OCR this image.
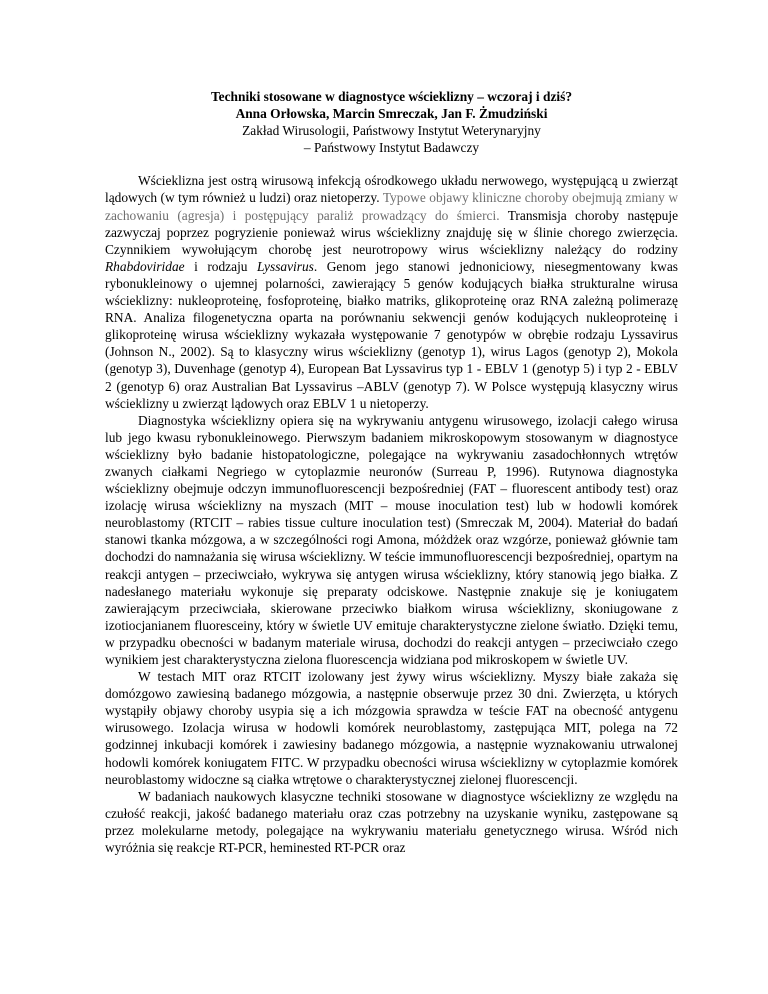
Techniki stosowane w diagnostyce wścieklizny – wczoraj i dziś?
Anna Orłowska, Marcin Smreczak, Jan F. Żmudziński
Zakład Wirusologii, Państwowy Instytut Weterynaryjny
– Państwowy Instytut Badawczy

Wścieklizna jest ostrą wirusową infekcją ośrodkowego układu nerwowego, występującą u zwierząt lądowych (w tym również u ludzi) oraz nietoperzy. Typowe objawy kliniczne choroby obejmują zmiany w zachowaniu (agresja) i postępujący paraliż prowadzący do śmierci. Transmisja choroby następuje zazwyczaj poprzez pogryzienie ponieważ wirus wścieklizny znajduję się w ślinie chorego zwierzęcia. Czynnikiem wywołującym chorobę jest neurotropowy wirus wścieklizny należący do rodziny Rhabdoviridae i rodzaju Lyssavirus. Genom jego stanowi jednoniciowy, niesegmentowany kwas rybonukleinowy o ujemnej polarności, zawierający 5 genów kodujących białka strukturalne wirusa wścieklizny: nukleoproteinę, fosfoproteinę, białko matriks, glikoproteinę oraz RNA zależną polimerazę RNA. Analiza filogenetyczna oparta na porównaniu sekwencji genów kodujących nukleoproteinę i glikoproteinę wirusa wścieklizny wykazała występowanie 7 genotypów w obrębie rodzaju Lyssavirus (Johnson N., 2002). Są to klasyczny wirus wścieklizny (genotyp 1), wirus Lagos (genotyp 2), Mokola (genotyp 3), Duvenhage (genotyp 4), European Bat Lyssavirus typ 1 - EBLV 1 (genotyp 5) i typ 2 - EBLV 2 (genotyp 6) oraz Australian Bat Lyssavirus –ABLV (genotyp 7). W Polsce występują klasyczny wirus wścieklizny u zwierząt lądowych oraz EBLV 1 u nietoperzy.

Diagnostyka wścieklizny opiera się na wykrywaniu antygenu wirusowego, izolacji całego wirusa lub jego kwasu rybonukleinowego. Pierwszym badaniem mikroskopowym stosowanym w diagnostyce wścieklizny było badanie histopatologiczne, polegające na wykrywaniu zasadochłonnych wtrętów zwanych ciałkami Negriego w cytoplazmie neuronów (Surreau P, 1996). Rutynowa diagnostyka wścieklizny obejmuje odczyn immunofluorescencji bezpośredniej (FAT – fluorescent antibody test) oraz izolację wirusa wścieklizny na myszach (MIT – mouse inoculation test) lub w hodowli komórek neuroblastomy (RTCIT – rabies tissue culture inoculation test) (Smreczak M, 2004). Materiał do badań stanowi tkanka mózgowa, a w szczególności rogi Amona, móżdżek oraz wzgórze, ponieważ głównie tam dochodzi do namnażania się wirusa wścieklizny. W teście immunofluorescencji bezpośredniej, opartym na reakcji antygen – przeciwciało, wykrywa się antygen wirusa wścieklizny, który stanowią jego białka. Z nadesłanego materiału wykonuje się preparaty odciskowe. Następnie znakuje się je koniugatem zawierającym przeciwciała, skierowane przeciwko białkom wirusa wścieklizny, skoniugowane z izotiocjanianem fluoresceiny, który w świetle UV emituje charakterystyczne zielone światło. Dzięki temu, w przypadku obecności w badanym materiale wirusa, dochodzi do reakcji antygen – przeciwciało czego wynikiem jest charakterystyczna zielona fluorescencja widziana pod mikroskopem w świetle UV.

W testach MIT oraz RTCIT izolowany jest żywy wirus wścieklizny. Myszy białe zakaża się domózgowo zawiesiną badanego mózgowia, a następnie obserwuje przez 30 dni. Zwierzęta, u których wystąpiły objawy choroby usypia się a ich mózgowia sprawdza w teście FAT na obecność antygenu wirusowego. Izolacja wirusa w hodowli komórek neuroblastomy, zastępująca MIT, polega na 72 godzinnej inkubacji komórek i zawiesiny badanego mózgowia, a następnie wyznakowaniu utrwalonej hodowli komórek koniugatem FITC. W przypadku obecności wirusa wścieklizny w cytoplazmie komórek neuroblastomy widoczne są ciałka wtrętowe o charakterystycznej zielonej fluorescencji.

W badaniach naukowych klasyczne techniki stosowane w diagnostyce wścieklizny ze względu na czułość reakcji, jakość badanego materiału oraz czas potrzebny na uzyskanie wyniku, zastępowane są przez molekularne metody, polegające na wykrywaniu materiału genetycznego wirusa. Wśród nich wyróżnia się reakcje RT-PCR, heminested RT-PCR oraz
